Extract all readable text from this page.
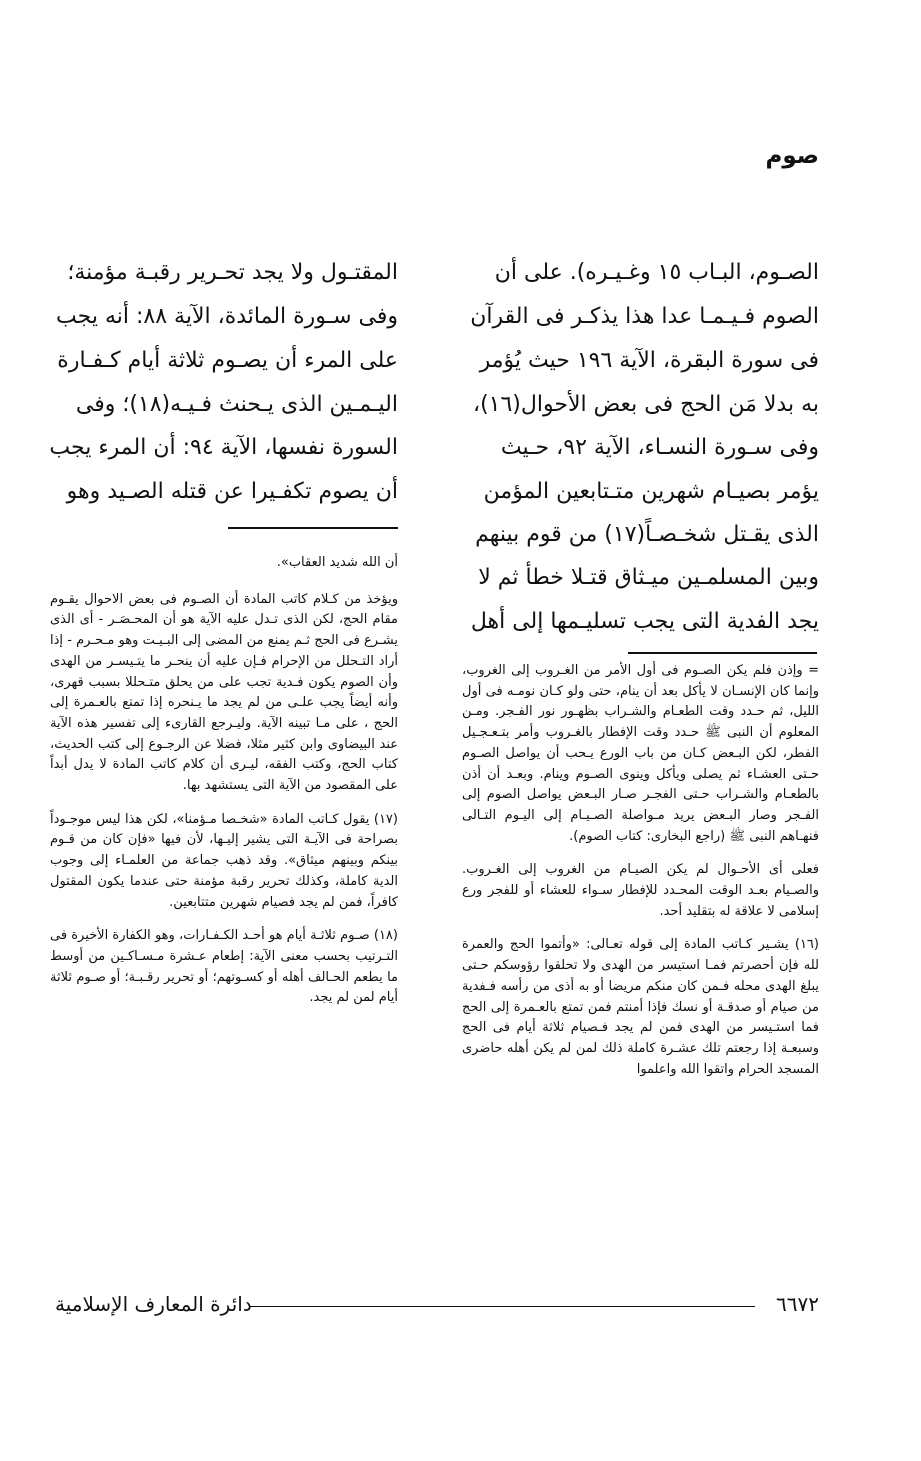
صوم
الصـوم، البـاب ١٥ وغـيـره). على أن
الصوم فـيـمـا عدا هذا يذكـر فى القرآن
فى سورة البقرة، الآية ١٩٦ حيث يُؤمر
به بدلا مَن الحج فى بعض الأحوال(١٦)،
وفى سـورة النسـاء، الآية ٩٢، حـيث
يؤمر بصيـام شهرين متـتابعين المؤمن
الذى يقـتل شخـصـاً(١٧) من قوم بينهم
وبين المسلمـين ميـثاق قتـلا خطأ ثم لا
يجد الفدية التى يجب تسليـمها إلى أهل

= وإذن فلم يكن الصـوم فى أول الأمر من الغـروب إلى الغروب، وإنما كان الإنسـان لا يأكل بعد أن ينام، حتى ولو كـان نومـه فى أول الليل، ثم حـدد وقت الطعـام والشـراب بظهـور نور الفـجر. ومـن المعلوم أن النبى ﷺ حـدد وقت الإفطار بالغـروب وأمر بتـعـجـيل الفطر، لكن البـعض كـان من باب الورع يـحب أن يواصل الصـوم حـتى العشـاء ثم يصلى ويأكل وينوى الصـوم وينام. وبعـد أن أذن بالطعـام والشـراب حـتى الفجـر صـار البـعض يواصل الصوم إلى الفـجر وصار البـعض يريد مـواصلة الصـيـام إلى اليـوم التـالى فنهـاهم النبى ﷺ (راجع البخارى: كتاب الصوم).

فعلى أى الأحـوال لم يكن الصيـام من الغروب إلى الغـروب. والصـيام بعـد الوقت المحـدد للإفطار سـواء للعشاء أو للفجر ورع إسلامى لا علاقة له بتقليد أحد.

(١٦) يشـير كـاتب المادة إلى قوله تعـالى: «وأتموا الحج والعمرة لله فإن أحصرتم فمـا استيسر من الهدى ولا تحلقوا رؤوسكم حـتى يبلغ الهدى محله فـمن كان منكم مريضا أو به أذى من رأسه فـفدية من صيام أو صدقـة أو نسك فإذا أمنتم فمن تمتع بالعـمرة إلى الحج فما استـيسر من الهدى فمن لم يجد فـصيام ثلاثة أيام فى الحج وسبعـة إذا رجعتم تلك عشـرة كاملة ذلك لمن لم يكن أهله حاضرى المسجد الحرام واتقوا الله واعلموا

المقتـول ولا يجد تحـرير رقبـة مؤمنة؛
وفى سـورة المائدة، الآية ٨٨: أنه يجب
على المرء أن يصـوم ثلاثة أيام كـفـارة
اليـمـين الذى يـحنث فـيـه(١٨)؛ وفى
السورة نفسها، الآية ٩٤: أن المرء يجب
أن يصوم تكفـيرا عن قتله الصـيد وهو

أن الله شديد العقاب».

ويؤخذ من كـلام كاتب المادة أن الصـوم فى بعض الاحوال يقـوم مقام الحج، لكن الذى تـدل عليه الآية هو أن المحـصَـر - أى الذى يشـرع فى الحج ثـم يمنع من المضى إلى البـيـت وهو مـحـرم - إذا أراد التـحلل من الإحرام فـإن عليه أن ينحـر ما يتـيسـر من الهدى وأن الصوم يكون فـدية تجب على من يحلق متـحللا بسبب قهرى، وأنه أيضاً يجب علـى من لم يجد ما يـنحره إذا تمتع بالعـمرة إلى الحج ، على مـا تبينه الآية. وليـرجع القارىء إلى تفسير هذه الآية عند البيضاوى وابن كثير مثلا، فضلا عن الرجـوع إلى كتب الحديث، كتاب الحج، وكتب الفقه، ليـرى أن كلام كاتب المادة لا يدل أبداً على المقصود من الآية التى يستشهد بها.

(١٧) يقول كـاتب المادة «شخـصا مـؤمنا»، لكن هذا ليس موجـوداً بصراحة فى الآيـة التى يشير إليـها، لأن فيها «فإن كان من قـوم بينكم وبينهم ميثاق». وقد ذهب جماعة من العلمـاء إلى وجوب الدية كاملة، وكذلك تحرير رقبة مؤمنة حتى عندما يكون المقتول كافراً، فمن لم يجد فصيام شهرين متتابعين.

(١٨) صـوم ثلاثـة أيام هو أحـد الكـفـارات، وهو الكفارة الأخيرة فى التـرتيب بحسب معنى الآية: إطعام عـشرة مـسـاكـين من أوسط ما يطعم الحـالف أهله أو كسـوتهم؛ أو تحرير رقـبـة؛ أو صـوم ثلاثة أيام لمن لم يجد.

٦٦٧٢
دائرة المعارف الإسلامية
